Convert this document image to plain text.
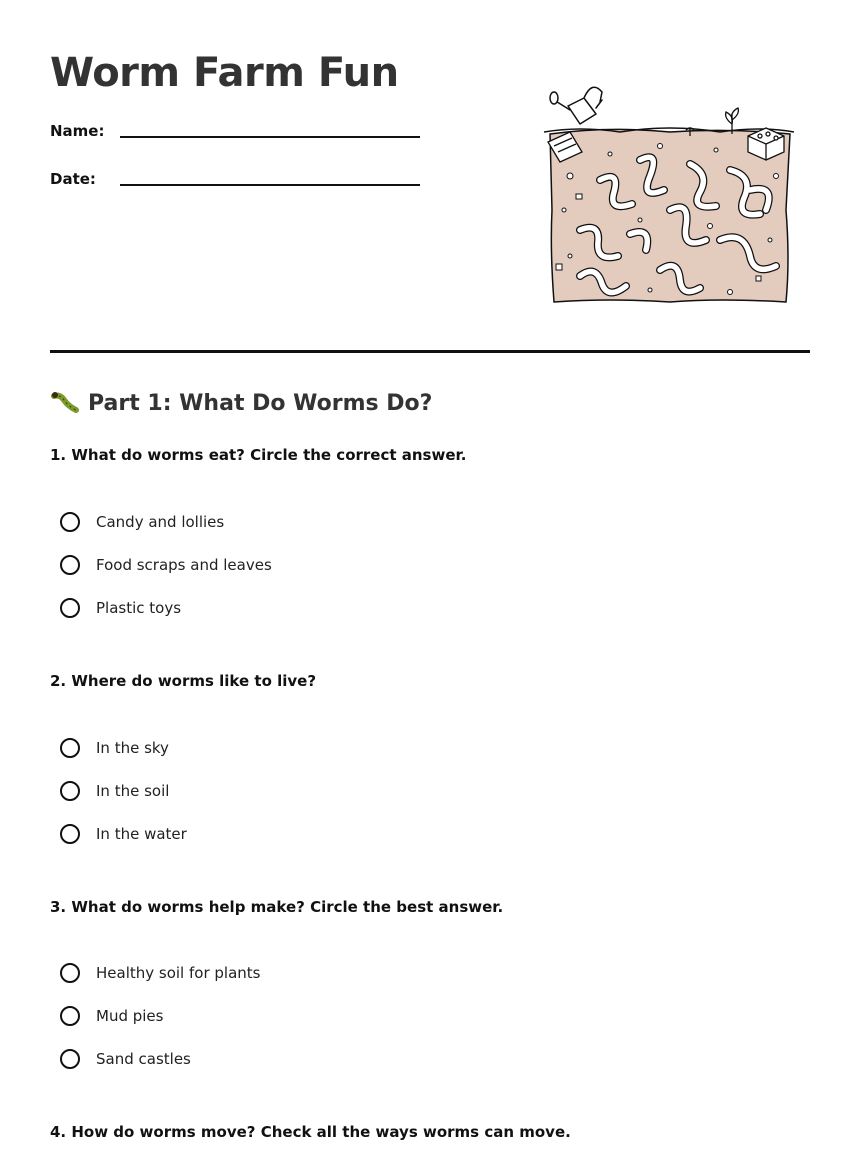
Worm Farm Fun
Name:
Date:
Part 1: What Do Worms Do?

1. What do worms eat? Circle the correct answer.

Candy and lollies
Food scraps and leaves
Plastic toys

2. Where do worms like to live?

In the sky
In the soil
In the water

3. What do worms help make? Circle the best answer.

Healthy soil for plants
Mud pies
Sand castles

4. How do worms move? Check all the ways worms can move.
